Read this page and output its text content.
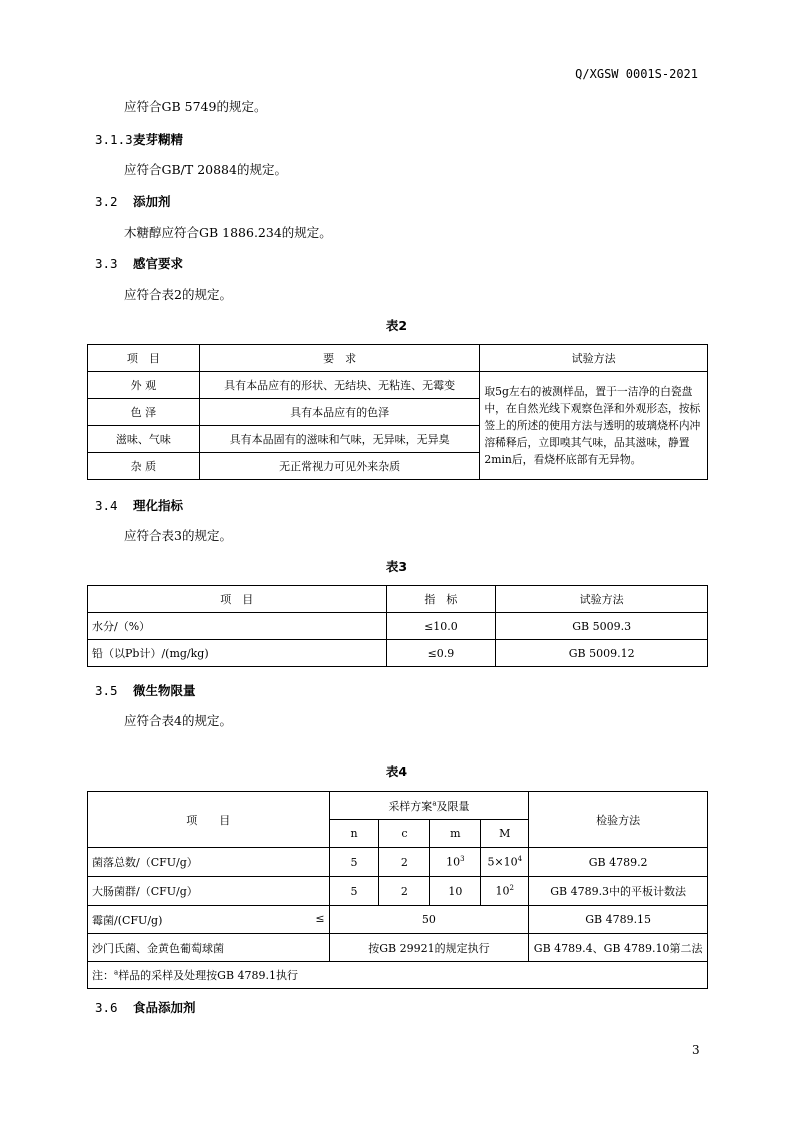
Q/XGSW 0001S-2021
应符合GB 5749的规定。
3.1.3麦芽糊精
应符合GB/T 20884的规定。
3.2 添加剂
木糖醇应符合GB 1886.234的规定。
3.3 感官要求
应符合表2的规定。
表2
项　目	要　求	试验方法
外 观	具有本品应有的形状、无结块、无粘连、无霉变	取5g左右的被测样品，置于一洁净的白瓷盘中，在自然光线下观察色泽和外观形态，按标签上的所述的使用方法与透明的玻璃烧杯内冲溶稀释后，立即嗅其气味，品其滋味，静置2min后，看烧杯底部有无异物。
色 泽	具有本品应有的色泽	
滋味、气味	具有本品固有的滋味和气味，无异味，无异臭	
杂 质	无正常视力可见外来杂质	
3.4 理化指标
应符合表3的规定。
表3
项　目	指　标	试验方法
水分/（%）	≤10.0	GB 5009.3
铅（以Pb计）/(mg/kg)	≤0.9	GB 5009.12
3.5 微生物限量
应符合表4的规定。
表4
项　　目	采样方案$^a$及限量				检验方法
	n	c	m	M	
菌落总数/（CFU/g）	5	2	$10^3$	$5\times 10^4$	GB 4789.2
大肠菌群/（CFU/g）	5	2	10	$10^2$	GB 4789.3中的平板计数法
霉菌/(CFU/g) ≤	50				GB 4789.15
沙门氏菌、金黄色葡萄球菌	按GB 29921的规定执行				GB 4789.4、GB 4789.10第二法
注：$^a$样品的采样及处理按GB 4789.1执行					
3.6 食品添加剂
3
